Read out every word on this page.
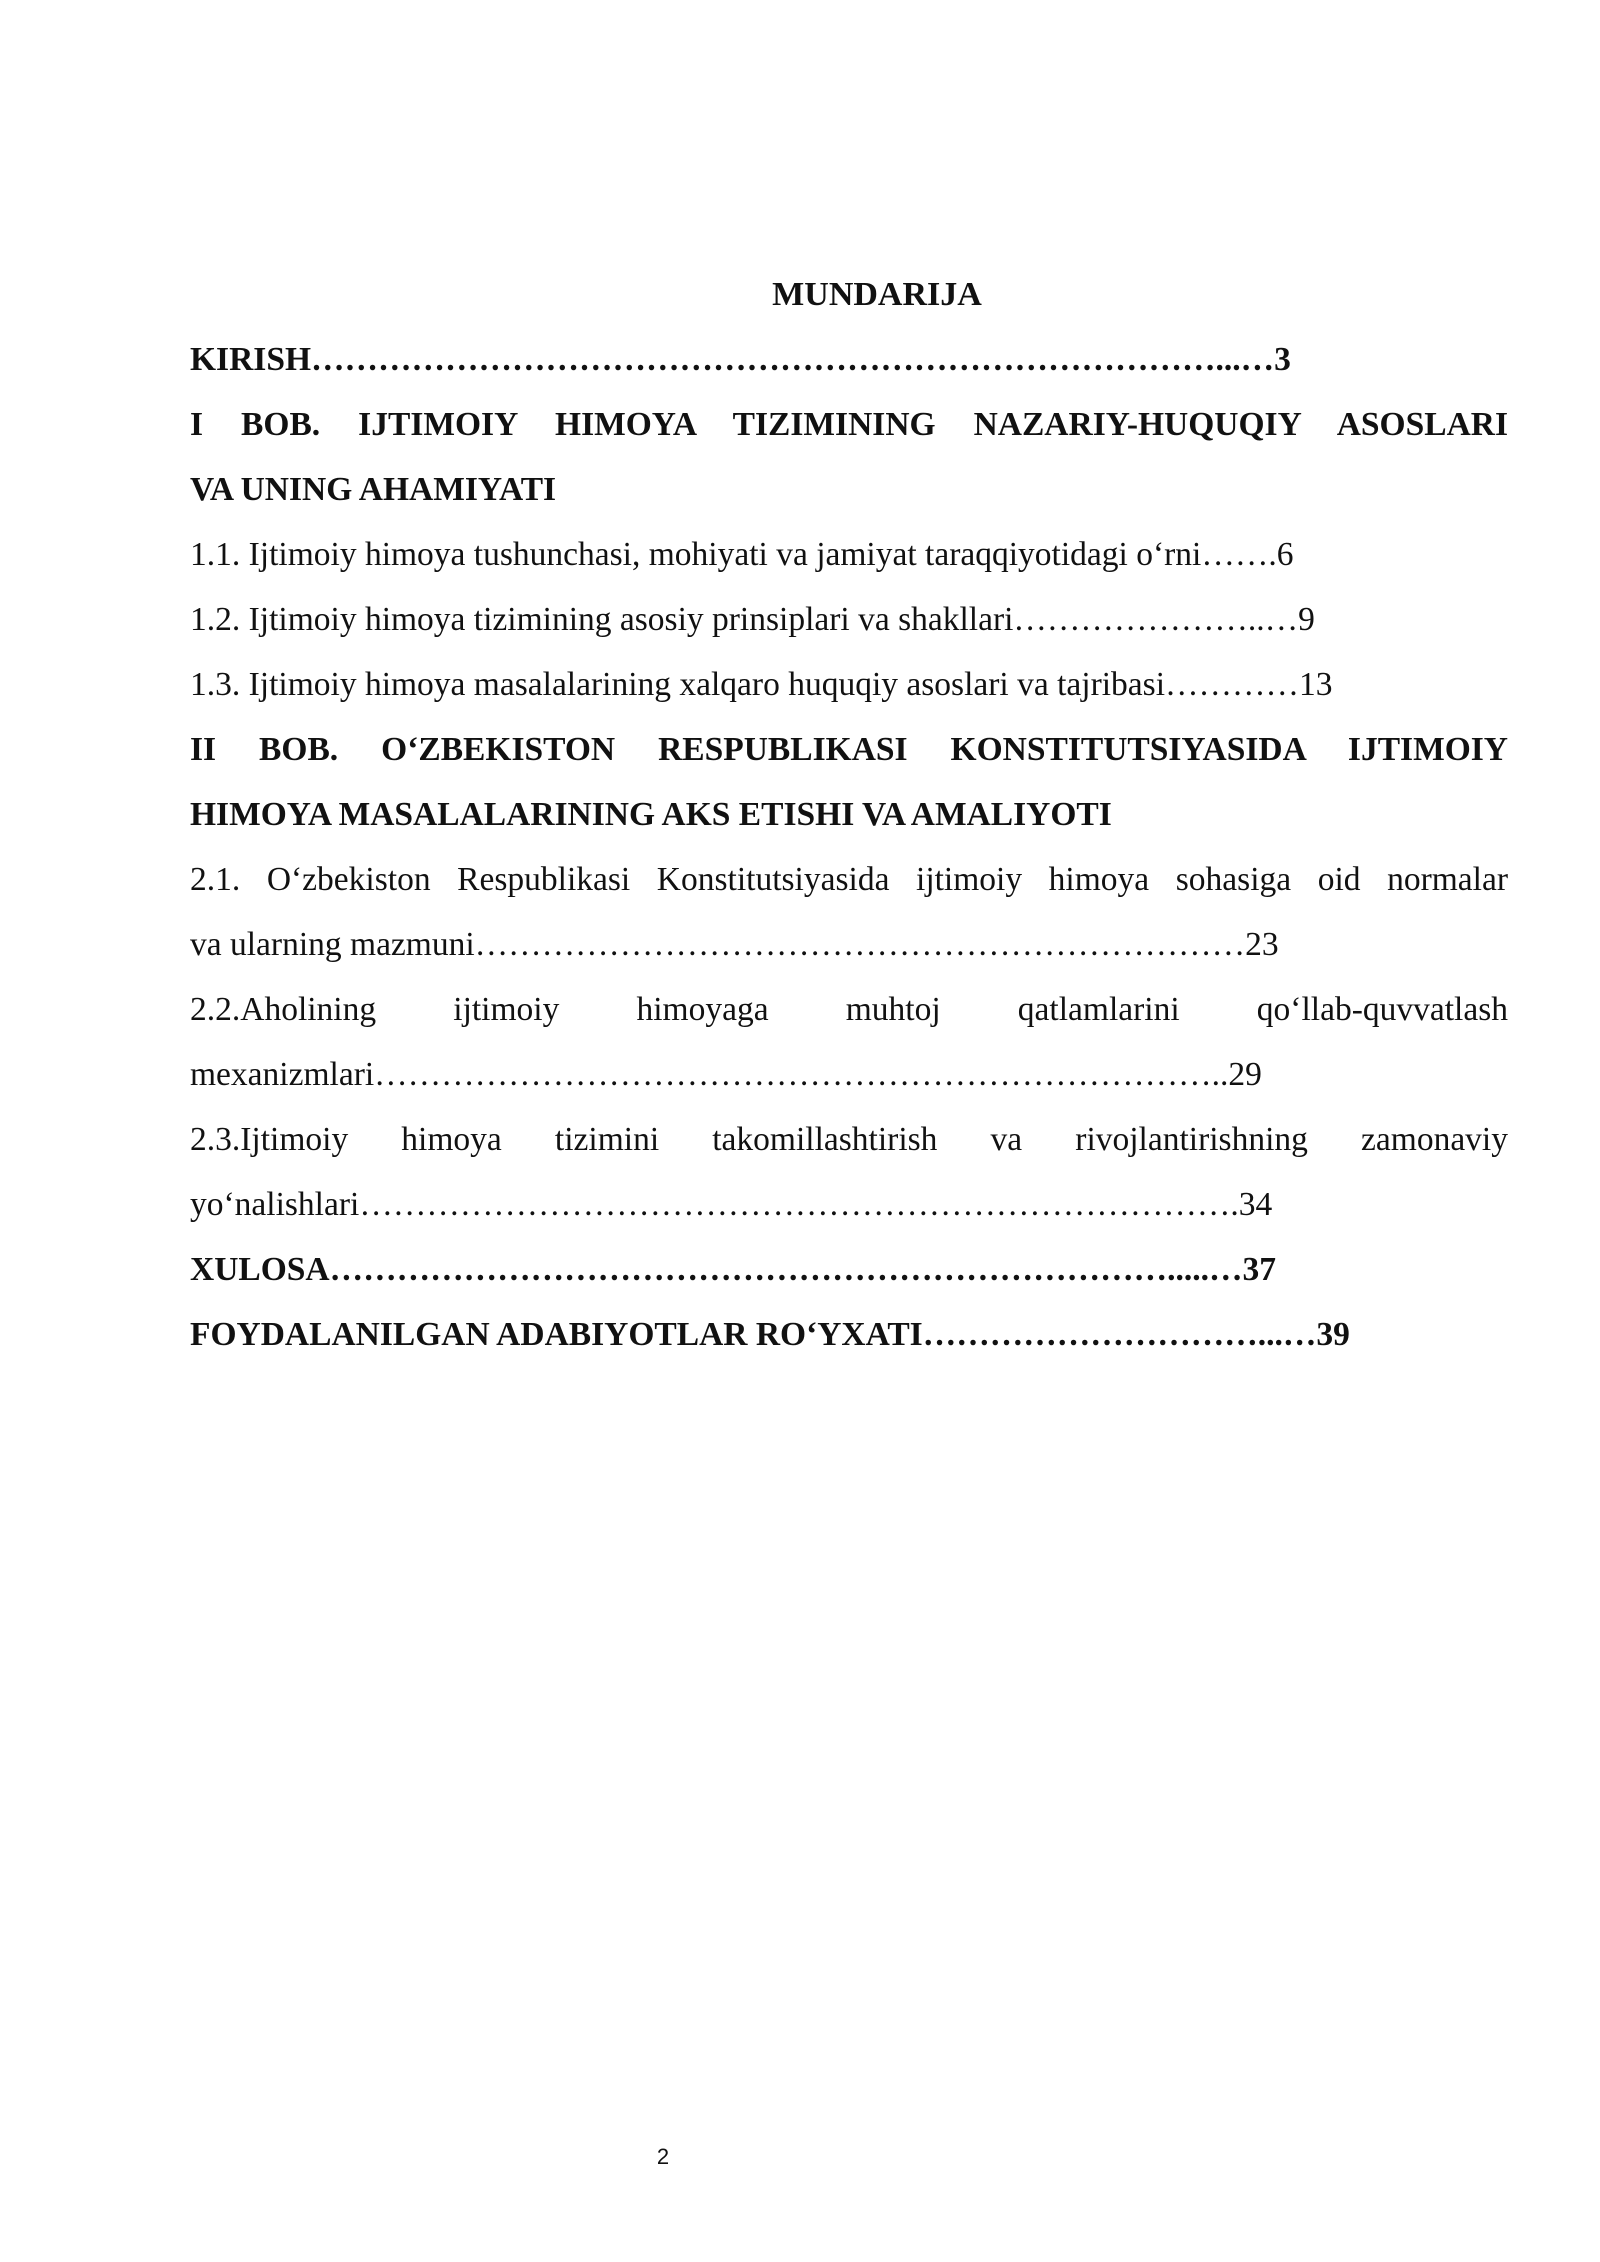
MUNDARIJA
KIRISH………………………………………………………………………...…3
I BOB. IJTIMOIY HIMOYA TIZIMINING NAZARIY-HUQUQIY ASOSLARI
VA UNING AHAMIYATI
1.1. Ijtimoiy himoya tushunchasi, mohiyati va jamiyat taraqqiyotidagi o‘rni…….6
1.2. Ijtimoiy himoya tizimining asosiy prinsiplari va shakllari…………………..…9
1.3. Ijtimoiy himoya masalalarining xalqaro huquqiy asoslari va tajribasi…………13
II BOB. O‘ZBEKISTON RESPUBLIKASI KONSTITUTSIYASIDA IJTIMOIY
HIMOYA MASALALARINING AKS ETISHI VA AMALIYOTI
2.1. O‘zbekiston Respublikasi Konstitutsiyasida ijtimoiy himoya sohasiga oid normalar
va ularning mazmuni……………………………………………………………23
2.2.Aholining ijtimoiy himoyaga muhtoj qatlamlarini qo‘llab-quvvatlash
mexanizmlari…………………………………………………………………..29
2.3.Ijtimoiy himoya tizimini takomillashtirish va rivojlantirishning zamonaviy
yo‘nalishlari…………………………………………………………………….34
XULOSA………………………………………………………………….....…37
FOYDALANILGAN ADABIYOTLAR RO‘YXATI…………………………...…39
2
